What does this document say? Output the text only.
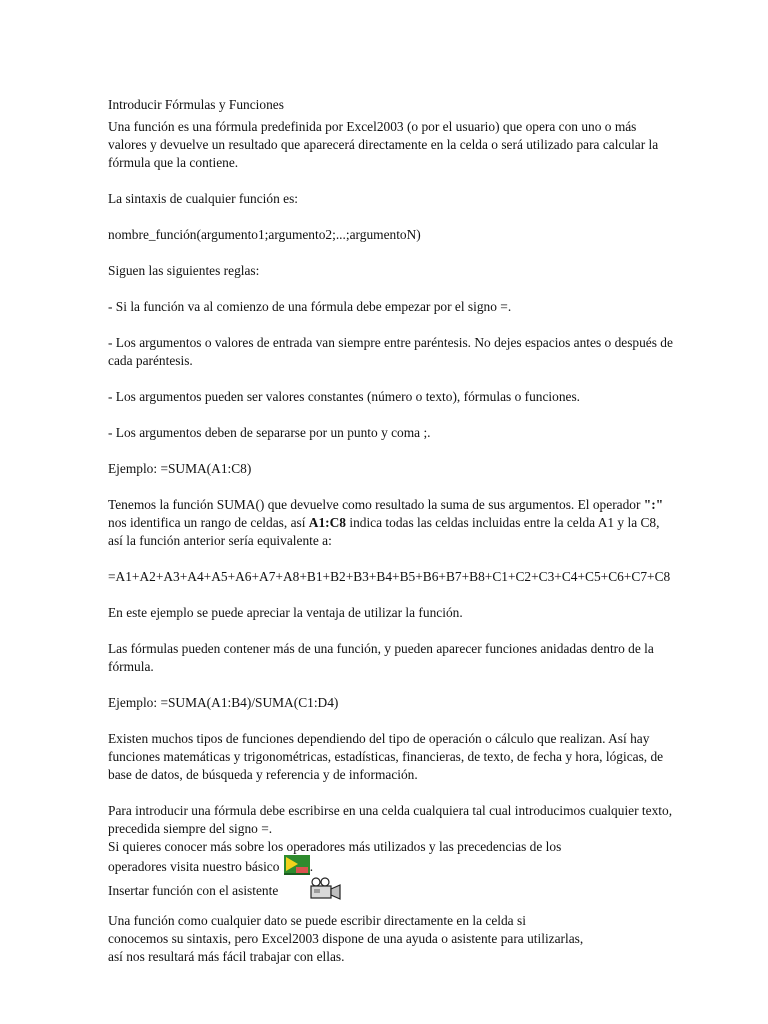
Introducir Fórmulas y Funciones
Una función es una fórmula predefinida por Excel2003 (o por el usuario) que opera con uno o más
valores y devuelve un resultado que aparecerá directamente en la celda o será utilizado para calcular la
fórmula que la contiene.
La sintaxis de cualquier función es:
nombre_función(argumento1;argumento2;...;argumentoN)
Siguen las siguientes reglas:
- Si la función va al comienzo de una fórmula debe empezar por el signo =.
- Los argumentos o valores de entrada van siempre entre paréntesis. No dejes espacios antes o después de
cada paréntesis.
- Los argumentos pueden ser valores constantes (número o texto), fórmulas o funciones.
- Los argumentos deben de separarse por un punto y coma ;.
Ejemplo: =SUMA(A1:C8)
Tenemos la función SUMA() que devuelve como resultado la suma de sus argumentos. El operador ":"
nos identifica un rango de celdas, así A1:C8 indica todas las celdas incluidas entre la celda A1 y la C8,
así la función anterior sería equivalente a:
=A1+A2+A3+A4+A5+A6+A7+A8+B1+B2+B3+B4+B5+B6+B7+B8+C1+C2+C3+C4+C5+C6+C7+C8
En este ejemplo se puede apreciar la ventaja de utilizar la función.
Las fórmulas pueden contener más de una función, y pueden aparecer funciones anidadas dentro de la
fórmula.
Ejemplo: =SUMA(A1:B4)/SUMA(C1:D4)
Existen muchos tipos de funciones dependiendo del tipo de operación o cálculo que realizan. Así hay
funciones matemáticas y trigonométricas, estadísticas, financieras, de texto, de fecha y hora, lógicas, de
base de datos, de búsqueda y referencia y de información.
Para introducir una fórmula debe escribirse en una celda cualquiera tal cual introducimos cualquier texto,
precedida siempre del signo =.
Si quieres conocer más sobre los operadores más utilizados y las precedencias de los
operadores visita nuestro básico .
Insertar función con el asistente
Una función como cualquier dato se puede escribir directamente en la celda si
conocemos su sintaxis, pero Excel2003 dispone de una ayuda o asistente para utilizarlas,
así nos resultará más fácil trabajar con ellas.
